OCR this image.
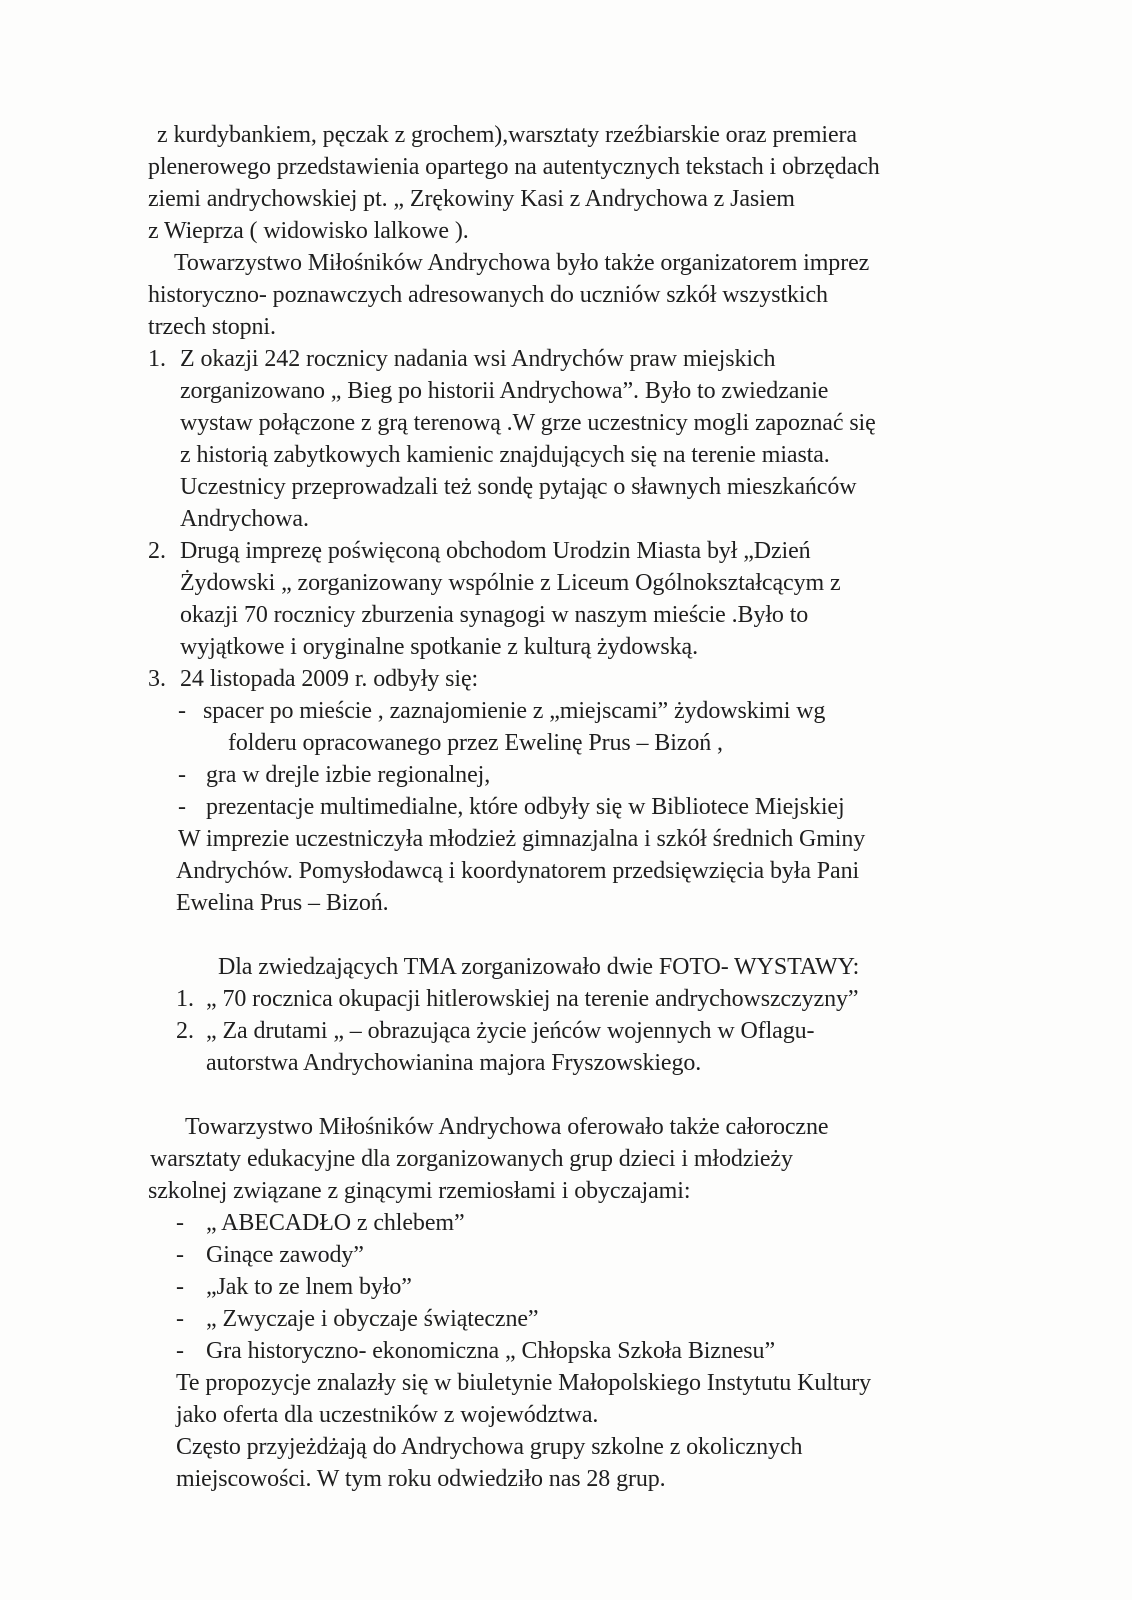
z kurdybankiem, pęczak z grochem),warsztaty rzeźbiarskie oraz premiera
plenerowego przedstawienia opartego na autentycznych tekstach i obrzędach
ziemi andrychowskiej pt. „ Zrękowiny Kasi z Andrychowa z Jasiem
z Wieprza ( widowisko lalkowe ).
Towarzystwo Miłośników Andrychowa było także organizatorem imprez
historyczno- poznawczych adresowanych do uczniów szkół wszystkich
trzech stopni.
1. Z okazji 242 rocznicy nadania wsi Andrychów praw miejskich
zorganizowano „ Bieg po historii Andrychowa”. Było to zwiedzanie
wystaw połączone z grą terenową .W grze uczestnicy mogli zapoznać się
z historią zabytkowych kamienic znajdujących się na terenie miasta.
Uczestnicy przeprowadzali też sondę pytając o sławnych mieszkańców
Andrychowa.
2. Drugą imprezę poświęconą obchodom Urodzin Miasta był „Dzień
Żydowski „ zorganizowany wspólnie z Liceum Ogólnokształcącym z
okazji 70 rocznicy zburzenia synagogi w naszym mieście .Było to
wyjątkowe i oryginalne spotkanie z kulturą żydowską.
3. 24 listopada 2009 r. odbyły się:
- spacer po mieście , zaznajomienie z „miejscami” żydowskimi wg
folderu opracowanego przez Ewelinę Prus – Bizoń ,
- gra w drejle izbie regionalnej,
- prezentacje multimedialne, które odbyły się w Bibliotece Miejskiej
W imprezie uczestniczyła młodzież gimnazjalna i szkół średnich Gminy
Andrychów. Pomysłodawcą i koordynatorem przedsięwzięcia była Pani
Ewelina Prus – Bizoń.
Dla zwiedzających TMA zorganizowało dwie FOTO- WYSTAWY:
1. „ 70 rocznica okupacji hitlerowskiej na terenie andrychowszczyzny”
2. „ Za drutami „ – obrazująca życie jeńców wojennych w Oflagu-
autorstwa Andrychowianina majora Fryszowskiego.
Towarzystwo Miłośników Andrychowa oferowało także całoroczne
warsztaty edukacyjne dla zorganizowanych grup dzieci i młodzieży
szkolnej związane z ginącymi rzemiosłami i obyczajami:
- „ ABECADŁO z chlebem”
- Ginące zawody”
- „Jak to ze lnem było”
- „ Zwyczaje i obyczaje świąteczne”
- Gra historyczno- ekonomiczna „ Chłopska Szkoła Biznesu”
Te propozycje znalazły się w biuletynie Małopolskiego Instytutu Kultury
jako oferta dla uczestników z województwa.
Często przyjeżdżają do Andrychowa grupy szkolne z okolicznych
miejscowości. W tym roku odwiedziło nas 28 grup.
